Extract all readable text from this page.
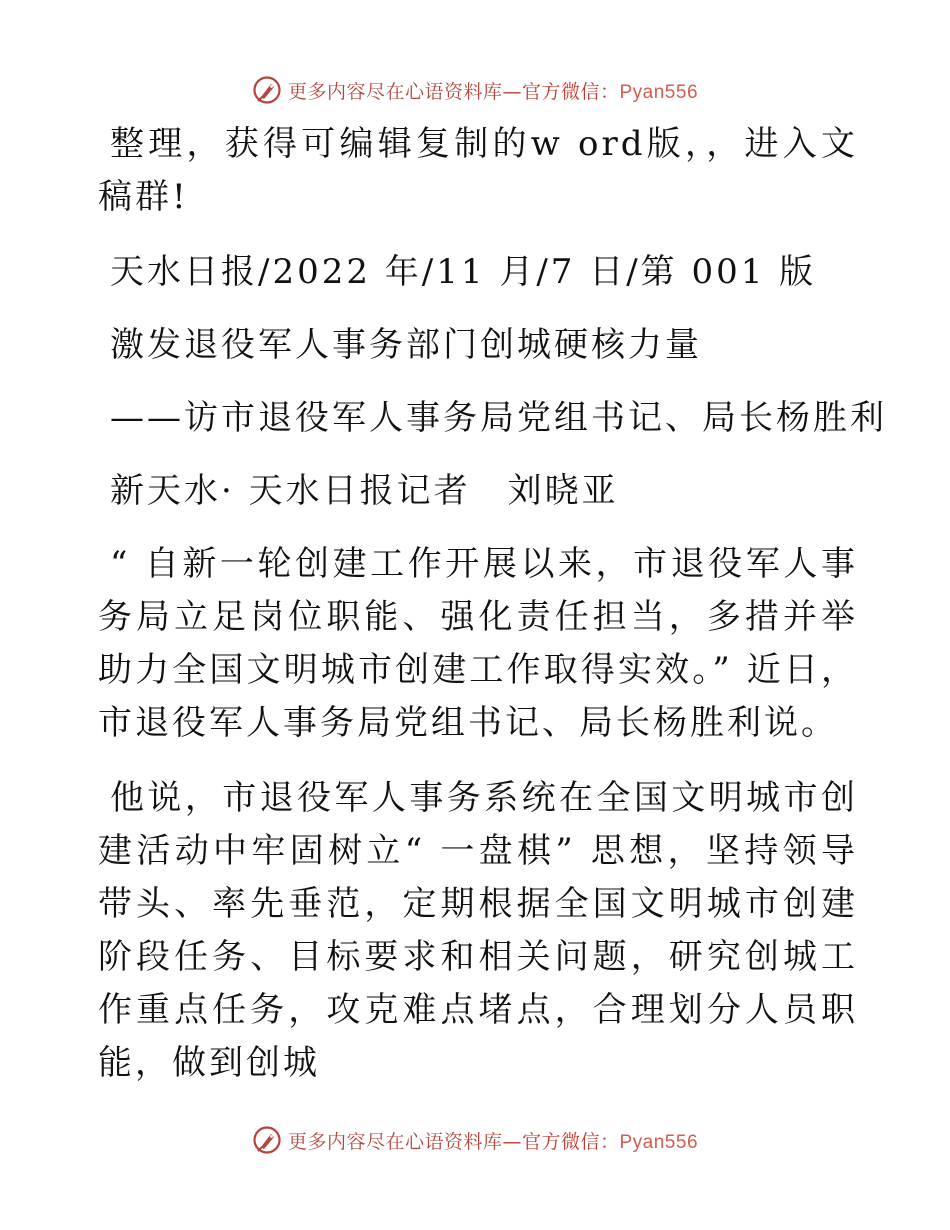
更多内容尽在心语资料库—官方微信：Pyan556

整理，获得可编辑复制的w ord版，，进入文稿群!

天水日报/2022 年/11 月/7 日/第 001 版

激发退役军人事务部门创城硬核力量

——访市退役军人事务局党组书记、局长杨胜利

新天水· 天水日报记者　刘晓亚

“ 自新一轮创建工作开展以来，市退役军人事务局立足岗位职能、强化责任担当，多措并举助力全国文明城市创建工作取得实效。” 近日，市退役军人事务局党组书记、局长杨胜利说。

他说，市退役军人事务系统在全国文明城市创建活动中牢固树立“ 一盘棋” 思想，坚持领导带头、率先垂范，定期根据全国文明城市创建阶段任务、目标要求和相关问题，研究创城工作重点任务，攻克难点堵点，合理划分人员职能，做到创城

更多内容尽在心语资料库—官方微信：Pyan556
